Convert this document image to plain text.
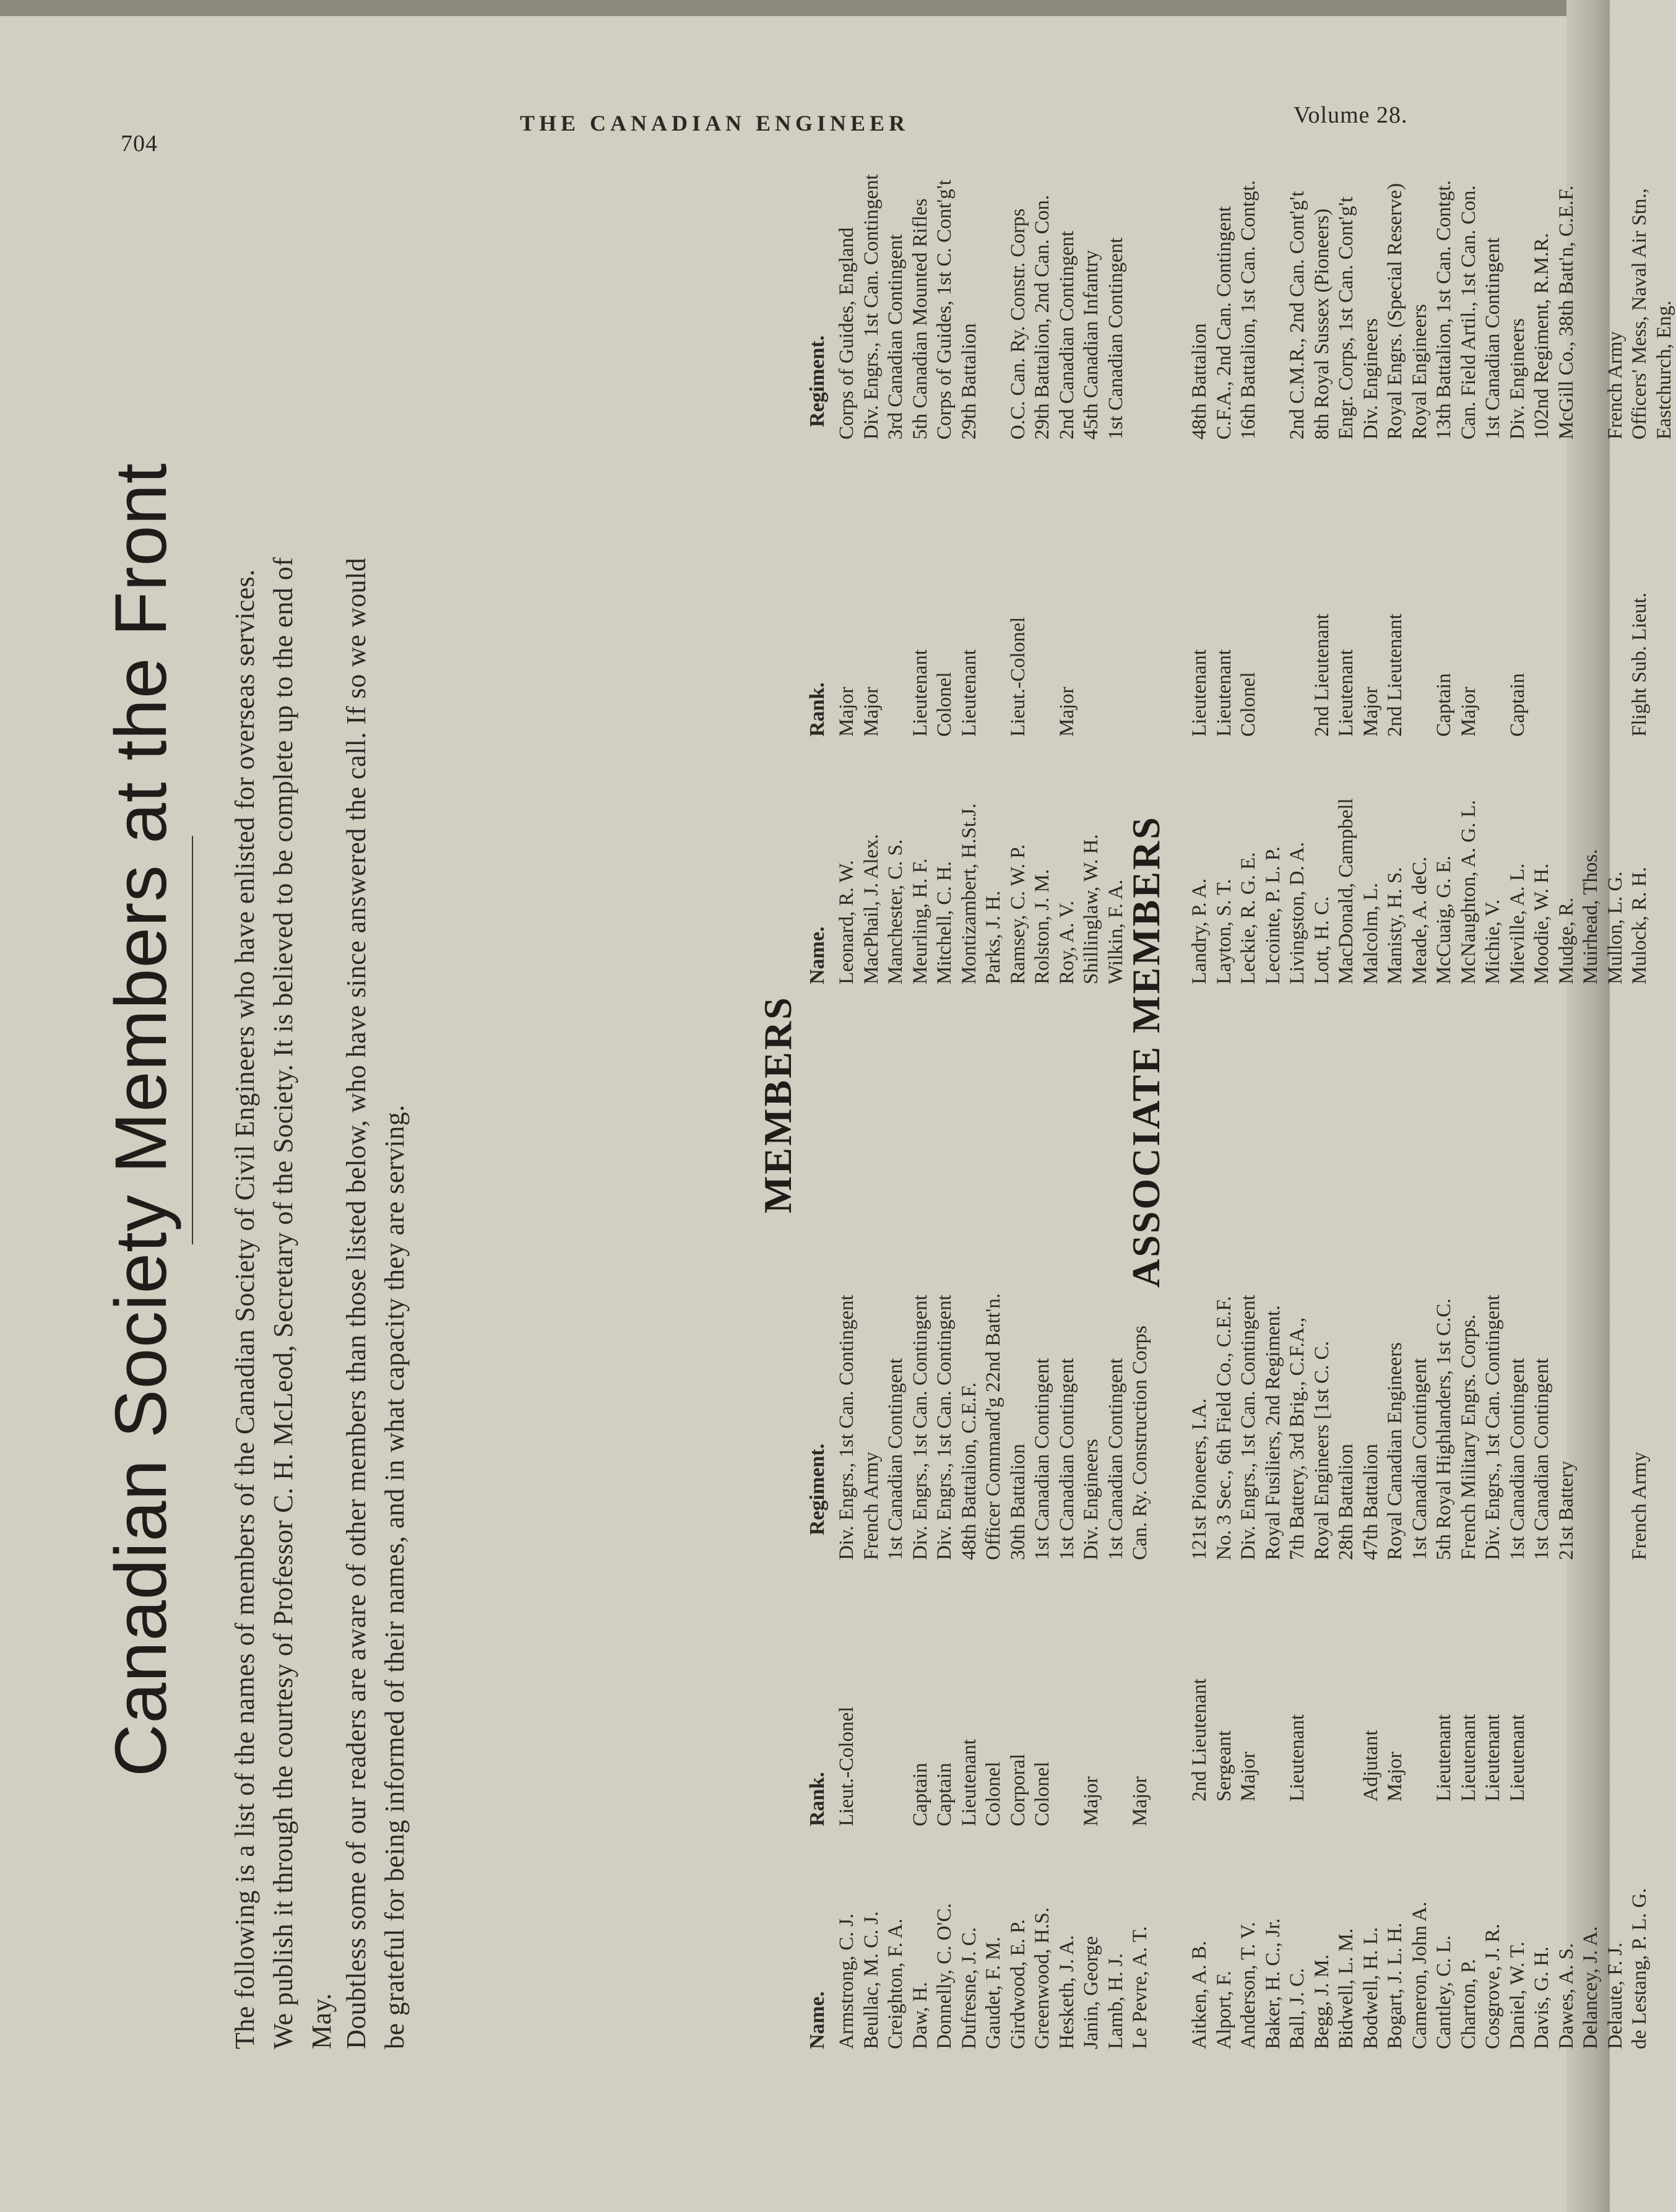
704
THE CANADIAN ENGINEER	Volume 28.
Canadian Society Members at the Front The following is a list of the names of members of the Canadian Society of Civil Engineers who have enlisted for overseas services. We publish it through the courtesy of Professor C. H. McLeod, Secretary of the Society. It is believed to be complete up to the end of May. Doubtless some of our readers are aware of other members than those listed below, who have since answered the call. If so we would be grateful for being informed of their names, and in what capacity they are serving.
MEMBERS	ASSOCIATE MEMBERS
Name.
Rank.
Regiment.
Name.
Rank.
Regiment.
Armstrong, C. J.
Lieut.-Colonel
Div. Engrs., 1st Can. Contingent
Beullac, M. C. J.
French Army
Creighton, F. A.
1st Canadian Contingent
Daw, H.
Captain
Div. Engrs., 1st Can. Contingent
Donnelly, C. O'C.
Captain
Div. Engrs., 1st Can. Contingent
Dufresne, J. C.
Lieutenant
48th Battalion, C.E.F.
Gaudet, F. M.
Colonel
Officer Command'g 22nd Batt'n.
Girdwood, E. P.
Corporal
30th Battalion
Greenwood, H.S.
Colonel
1st Canadian Contingent
Hesketh, J. A.
1st Canadian Contingent
Janin, George
Major
Div. Engineers
Lamb, H. J.
1st Canadian Contingent
Le Pevre, A. T.
Major
Can. Ry. Construction Corps
Leonard, R. W.
Major
Corps of Guides, England
MacPhail, J. Alex.
Major
Div. Engrs., 1st Can. Contingent
Manchester, C. S.
3rd Canadian Contingent
Meurling, H. F.
Lieutenant
5th Canadian Mounted Rifles
Mitchell, C. H.
Colonel
Corps of Guides, 1st C. Cont'g't
Montizambert, H.St.J.
Lieutenant
29th Battalion
Parks, J. H. Ramsey, C. W. P.
Lieut.-Colonel
O.C. Can. Ry. Constr. Corps
Rolston, J. M.
29th Battalion, 2nd Can. Con.
Roy, A. V.
Major
2nd Canadian Contingent
Shillinglaw, W. H.
45th Canadian Infantry
Wilkin, F. A.
1st Canadian Contingent
Aitken, A. B.
2nd Lieutenant
121st Pioneers, I.A.
Alport, F.
Sergeant
No. 3 Sec., 6th Field Co., C.E.F.
Anderson, T. V.
Major
Div. Engrs., 1st Can. Contingent
Baker, H. C., Jr.
Royal Fusiliers, 2nd Regiment.
Ball, J. C.
Lieutenant
7th Battery, 3rd Brig., C.F.A.,
Begg, J. M.
Royal Engineers [1st C. C.
Bidwell, L. M.
28th Battalion
Bodwell, H. L.
Adjutant
47th Battalion
Bogart, J. L. H.
Major
Royal Canadian Engineers
Cameron, John A.
1st Canadian Contingent
Cantley, C. L.
Lieutenant
5th Royal Highlanders, 1st C.C.
Charton, P.
Lieutenant
French Military Engrs. Corps.
Cosgrove, J. R.
Lieutenant
Div. Engrs., 1st Can. Contingent
Daniel, W. T.
Lieutenant
1st Canadian Contingent
Davis, G. H.
1st Canadian Contingent
Dawes, A. S.
21st Battery
Delancey, J. A. Delaute, F. J. de Lestang, P. L. G.
French Army
Landry, P. A.
Lieutenant
48th Battalion
Layton, S. T.
Lieutenant
C.F.A., 2nd Can. Contingent
Leckie, R. G. E.
Colonel
16th Battalion, 1st Can. Contgt.
Lecointe, P. L. P. Livingston, D. A.
2nd C.M.R., 2nd Can. Cont'g't
Lott, H. C.
2nd Lieutenant
8th Royal Sussex (Pioneers)
MacDonald, Campbell
Lieutenant
Engr. Corps, 1st Can. Cont'g't
Malcolm, L.
Major
Div. Engineers
Manisty, H. S.
2nd Lieutenant
Royal Engrs. (Special Reserve)
Meade, A. deC.
Royal Engineers
McCuaig, G. E.
Captain
13th Battalion, 1st Can. Contgt.
McNaughton, A. G. L.
Major
Can. Field Artil., 1st Can. Con.
Michie, V.
1st Canadian Contingent
Mieville, A. L.
Captain
Div. Engineers
Moodie, W. H.
102nd Regiment, R.M.R.
Mudge, R.
McGill Co., 38th Batt'n, C.E.F.
Muirhead, Thos. Mullon, L. G.
French Army
Mulock, R. H.
Flight Sub. Lieut.
Officers' Mess, Naval Air Stn., Eastchurch, Eng.
